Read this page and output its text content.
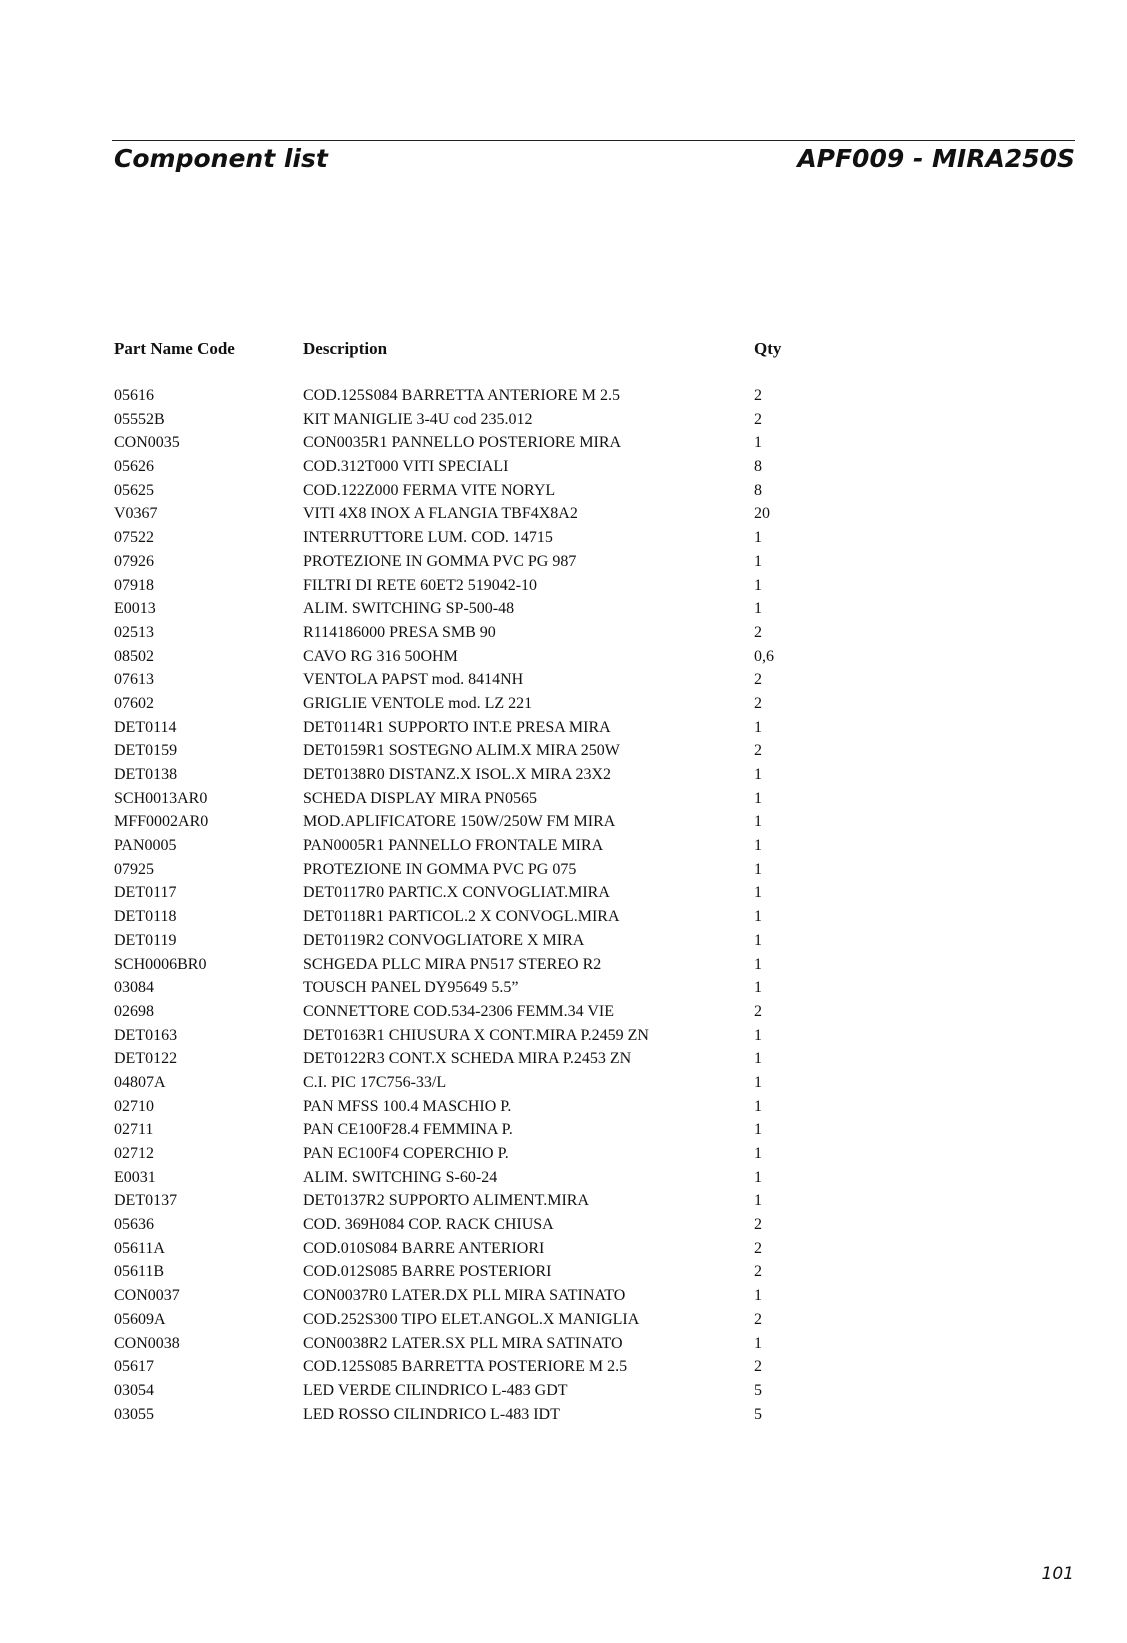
Component list	APF009 - MIRA250S
Part Name Code	Description	Qty
05616	COD.125S084 BARRETTA ANTERIORE M 2.5	2
05552B	KIT MANIGLIE 3-4U cod 235.012	2
CON0035	CON0035R1 PANNELLO POSTERIORE MIRA	1
05626	COD.312T000 VITI SPECIALI	8
05625	COD.122Z000 FERMA VITE NORYL	8
V0367	VITI 4X8 INOX A FLANGIA TBF4X8A2	20
07522	INTERRUTTORE LUM. COD. 14715	1
07926	PROTEZIONE IN GOMMA PVC PG 987	1
07918	FILTRI DI RETE 60ET2 519042-10	1
E0013	ALIM. SWITCHING SP-500-48	1
02513	R114186000 PRESA SMB 90	2
08502	CAVO RG 316 50OHM	0,6
07613	VENTOLA PAPST mod. 8414NH	2
07602	GRIGLIE VENTOLE mod. LZ 221	2
DET0114	DET0114R1 SUPPORTO INT.E PRESA MIRA	1
DET0159	DET0159R1 SOSTEGNO ALIM.X MIRA 250W	2
DET0138	DET0138R0 DISTANZ.X ISOL.X MIRA 23X2	1
SCH0013AR0	SCHEDA DISPLAY MIRA PN0565	1
MFF0002AR0	MOD.APLIFICATORE 150W/250W FM MIRA	1
PAN0005	PAN0005R1 PANNELLO FRONTALE MIRA	1
07925	PROTEZIONE IN GOMMA PVC PG 075	1
DET0117	DET0117R0 PARTIC.X CONVOGLIAT.MIRA	1
DET0118	DET0118R1 PARTICOL.2 X CONVOGL.MIRA	1
DET0119	DET0119R2 CONVOGLIATORE X MIRA	1
SCH0006BR0	SCHGEDA PLLC MIRA PN517 STEREO R2	1
03084	TOUSCH PANEL DY95649 5.5”	1
02698	CONNETTORE COD.534-2306 FEMM.34 VIE	2
DET0163	DET0163R1 CHIUSURA X CONT.MIRA P.2459 ZN	1
DET0122	DET0122R3 CONT.X SCHEDA MIRA P.2453 ZN	1
04807A	C.I. PIC 17C756-33/L	1
02710	PAN MFSS 100.4 MASCHIO P.	1
02711	PAN CE100F28.4 FEMMINA P.	1
02712	PAN EC100F4 COPERCHIO P.	1
E0031	ALIM. SWITCHING S-60-24	1
DET0137	DET0137R2 SUPPORTO ALIMENT.MIRA	1
05636	COD. 369H084 COP. RACK CHIUSA	2
05611A	COD.010S084 BARRE ANTERIORI	2
05611B	COD.012S085 BARRE POSTERIORI	2
CON0037	CON0037R0 LATER.DX PLL MIRA SATINATO	1
05609A	COD.252S300 TIPO ELET.ANGOL.X MANIGLIA	2
CON0038	CON0038R2 LATER.SX PLL MIRA SATINATO	1
05617	COD.125S085 BARRETTA POSTERIORE M 2.5	2
03054	LED VERDE CILINDRICO L-483 GDT	5
03055	LED ROSSO CILINDRICO L-483 IDT	5
101
